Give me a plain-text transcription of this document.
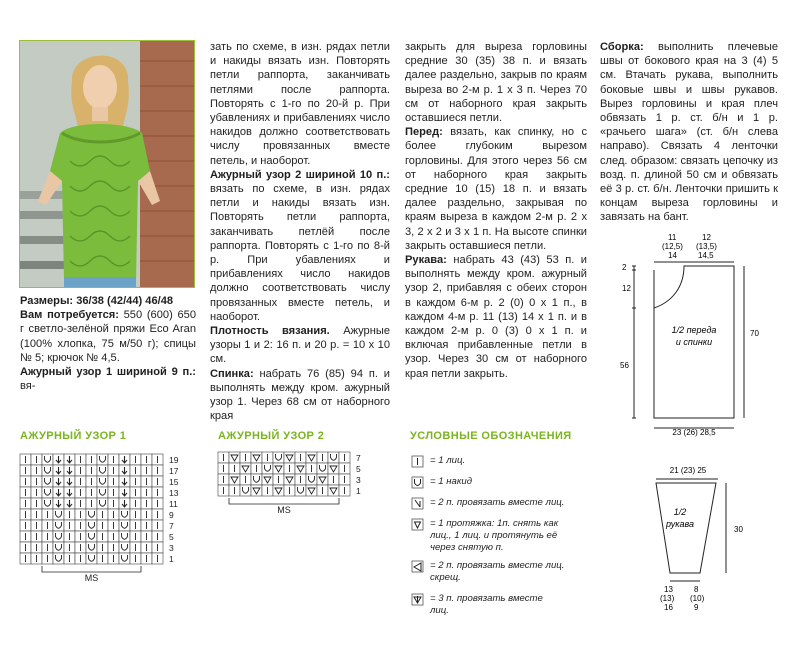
Размеры: 36/38 (42/44) 46/48

Вам потребуется: 550 (600) 650 г светло-зелёной пряжи Eco Aran (100% хлопка, 75 м/50 г); спицы № 5; крючок № 4,5.

Ажурный узор 1 шириной 9 п.: вя-

зать по схеме, в изн. рядах петли и накиды вязать изн. Повторять петли раппорта, заканчивать петлями после раппорта. Повторять с 1-го по 20-й р. При убавлениях и прибавлениях число накидов должно соответствовать числу провязанных вместе петель, и наоборот.

Ажурный узор 2 шириной 10 п.: вязать по схеме, в изн. рядах петли и накиды вязать изн. Повторять петли раппорта, заканчивать петлёй после раппорта. Повторять с 1-го по 8-й р. При убавлениях и прибавлениях число накидов должно соответствовать числу провязанных вместе петель, и наоборот.

Плотность вязания. Ажурные узоры 1 и 2: 16 п. и 20 р. = 10 х 10 см.

Спинка: набрать 76 (85) 94 п. и выполнять между кром. ажурный узор 1. Через 68 см от наборного края

закрыть для выреза горловины средние 30 (35) 38 п. и вязать далее раздельно, закрыв по краям выреза во 2-м р. 1 х 3 п. Через 70 см от наборного края закрыть оставшиеся петли.

Перед: вязать, как спинку, но с более глубоким вырезом горловины. Для этого через 56 см от наборного края закрыть средние 10 (15) 18 п. и вязать далее раздельно, закрывая по краям выреза в каждом 2-м р. 2 х 3, 2 х 2 и 3 х 1 п. На высоте спинки закрыть оставшиеся петли.

Рукава: набрать 43 (43) 53 п. и выполнять между кром. ажурный узор 2, прибавляя с обеих сторон в каждом 6-м р. 2 (0) 0 х 1 п., в каждом 4-м р. 11 (13) 14 х 1 п. и в каждом 2-м р. 0 (3) 0 х 1 п. и включая прибавленные петли в узор. Через 30 см от наборного края петли закрыть.

Сборка: выполнить плечевые швы от бокового края на 3 (4) 5 см. Втачать рукава, выполнить боковые швы и швы рукавов. Вырез горловины и края плеч обвязать 1 р. ст. б/н и 1 р. «рачьего шага» (ст. б/н слева направо). Связать 4 ленточки след. образом: связать цепочку из возд. п. длиной 50 см и обвязать её 3 р. ст. б/н. Ленточки пришить к концам выреза горловины и завязать на бант.

11
(12,5)
14
12
(13,5)
14,5
2
12
56
70
1/2 переда и спинки
23 (26) 28,5
21 (23) 25
1/2 рукава
30
13
(13)
16
8
(10)
9
АЖУРНЫЙ УЗОР 1	АЖУРНЫЙ УЗОР 2	УСЛОВНЫЕ ОБОЗНАЧЕНИЯ
19
17
15
13
11
9
7
5
3
1
MS
7
5
3
1
MS
= 1 лиц.
= 1 накид
= 2 п. провязать вместе лиц.
= 1 протяжка: 1п. снять как лиц., 1 лиц. и протянуть её через снятую п.
= 2 п. провязать вместе лиц. скрещ.
= 3 п. провязать вместе лиц.
